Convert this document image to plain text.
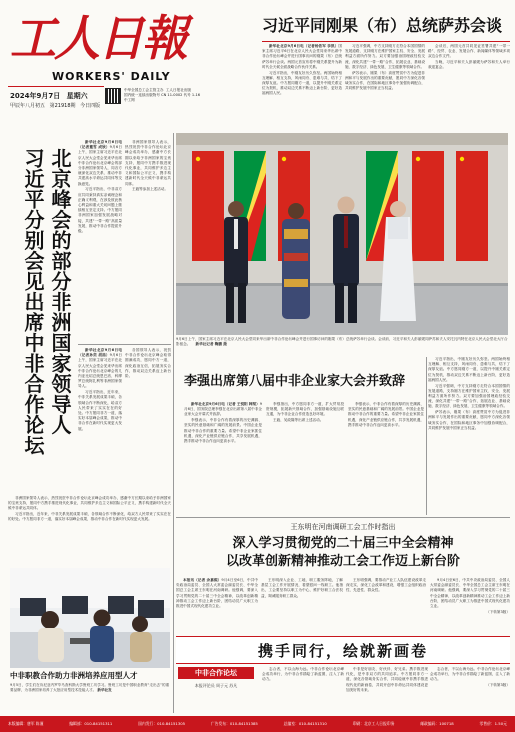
工人日報
WORKERS' DAILY
2024年9月7日 星期六
甲辰年八月初五 第21918期 今日四版
中华全国总工会主管主办 工人日报社出版
国内统一连续出版物号 CN 11-0002 代号 1-16
中工网
习近平同刚果（布）总统萨苏会谈

新华社北京9月6日电（记者杨依军 李凯）国家主席习近平6日在北京人民大会堂同来华出席中非合作论坛峰会并进行国事访问的刚果（布）总统萨苏举行会谈。两国元首宣布将中刚关系提升为新时代全天候全面战略合作伙伴关系。

习近平指出，中刚友好历久弥坚。两国始终相互理解、相互支持，风雨同舟、患难与共，结下了深厚友谊。中方愿同刚方一道，以提升中刚关系定位为契机，推动双边关系不断迈上新台阶，更好造福两国人民。

习近平强调，中方支持刚方走符合本国国情的发展道路，支持刚方在维护国家主权、安全、发展利益方面所作努力。双方要加强治国理政经验交流，深化共建“一带一路”合作，拓展农业、基础设施、数字经济、绿色发展、卫生健康等领域合作。

萨苏表示，刚果（布）高度赞赏中方为促进非洲和平与发展作出的重要贡献，愿同中方深化各领域务实合作，在国际和地区事务中加强协调配合，共同维护发展中国家正当权益。

会谈后，两国元首共同见证签署共建“一带一路”、经贸、农业、发展合作、新闻媒体等领域多项双边合作文件。

当晚，习近平和夫人彭丽媛为萨苏和夫人举行欢迎宴会。

北京峰会的部分非洲国家领导人
习近平分别会见出席中非合作论坛

新华社北京9月6日电（记者董雪 成欣）9月6日上午，国家主席习近平在北京人民大会堂会见来华出席中非合作论坛北京峰会的部分非洲国家领导人，同各方就深化双边关系、推动中非共建高水平命运共同体等交换意见。

习近平指出，中非双方应共同秉持真实亲诚理念和正确义利观，在涉及彼此核心利益和重大关切问题上继续相互坚定支持。中方愿同非洲国家加强发展战略对接，共建“一带一路”高质量发展，推动中非合作提质升级。

非洲国家领导人表示，热烈祝贺中非合作论坛北京峰会成功举办，感谢中方长期以来给予非洲国家的宝贵支持，愿同中方携手推进现代化事业，共同维护多边主义和国际公平正义，携手构建新时代全天候中非命运共同体。

王毅等参加上述活动。

新华社北京9月6日电（记者孙奕 胡喆）9月6日上午，国家主席习近平在北京人民大会堂会见来华出席中非合作论坛北京峰会的几内亚比绍总统恩巴洛、科摩罗总统阿扎利等非洲国家领导人。

习近平指出，近年来，中非关系发展成果丰硕，各领域合作不断深化，给双方人民带来了实实在在的好处。中方愿同非方一道，落实好本届峰会成果，推动中非合作在新时代实现更大发展。

各国领导人表示，祝贺中非合作论坛北京峰会取得圆满成功，愿同中方一道，深化政治互信，拓展务实合作，推动双边关系迈上新台阶。

非洲国家领导人表示，热烈祝贺中非合作论坛北京峰会成功举办，感谢中方长期以来给予非洲国家的宝贵支持，愿同中方携手推进现代化事业，共同维护多边主义和国际公平正义，携手构建新时代全天候中非命运共同体。

习近平指出，近年来，中非关系发展成果丰硕，各领域合作不断深化，给双方人民带来了实实在在的好处。中方愿同非方一道，落实好本届峰会成果，推动中非合作在新时代实现更大发展。

9月6日上午，国家主席习近平在北京人民大会堂同来华出席中非合作论坛峰会并进行国事访问的刚果（布）总统萨苏举行会谈。会谈前，习近平和夫人彭丽媛同萨苏和夫人安托瓦内特在北京人民大会堂北大厅合影留念。 新华社记者 鞠鹏 摄

习近平指出，中刚友好历久弥坚。两国始终相互理解、相互支持，风雨同舟、患难与共，结下了深厚友谊。中方愿同刚方一道，以提升中刚关系定位为契机，推动双边关系不断迈上新台阶，更好造福两国人民。

习近平强调，中方支持刚方走符合本国国情的发展道路，支持刚方在维护国家主权、安全、发展利益方面所作努力。双方要加强治国理政经验交流，深化共建“一带一路”合作，拓展农业、基础设施、数字经济、绿色发展、卫生健康等领域合作。

萨苏表示，刚果（布）高度赞赏中方为促进非洲和平与发展作出的重要贡献，愿同中方深化各领域务实合作，在国际和地区事务中加强协调配合，共同维护发展中国家正当权益。

李强出席第八届中非企业家大会并致辞

新华社北京9月6日电（记者 王悦阳 韩梁）9月6日，国务院总理李强在北京出席第八届中非企业家大会开幕式并致辞。

李强表示，中非合作有着深厚的历史渊源、坚实的民意基础和广阔的发展前景。中国企业是推动中非合作的重要力量。希望中非企业家抓住机遇，深化产业链供应链合作，共享发展机遇，携手推动中非合作迈向更高水平。

李强指出，中方愿同非方一道，扩大贸易投资规模，拓展新兴领域合作，加强基础设施互联互通，为中非企业合作营造良好环境。

王毅、吴政隆等出席上述活动。

李强表示，中非合作有着深厚的历史渊源、坚实的民意基础和广阔的发展前景。中国企业是推动中非合作的重要力量。希望中非企业家抓住机遇，深化产业链供应链合作，共享发展机遇，携手推动中非合作迈向更高水平。

中非职教合作助力非洲培养应用型人才
9月5日，学生们在肯尼亚内罗毕马查科斯大学鲁班工坊学习。鲁班工坊是中国职业教育“走出去”的重要品牌，为非洲国家培养了大批应用型技术技能人才。 新华社发
王东明在河南调研工会工作时指出
深入学习贯彻党的二十届三中全会精神
以改革创新精神推动工会工作迈上新台阶

本报讯（记者 余嘉熙）9月4日至6日，中共中央政治局委员、全国人大常委会副委员长、中华全国总工会主席王东明在河南调研。他强调，要深入学习贯彻党的二十届三中全会精神，以改革创新精神推动工会工作迈上新台阶，团结动员广大职工为推进中国式现代化建功立业。

王东明深入企业、工地、职工服务阵地，了解基层工会工作开展情况，看望慰问一线职工。他指出，工会要坚持以职工为中心，维护好职工合法权益，竭诚服务职工群众。

王东明强调，要推动产业工人队伍建设改革走深走实，深化工会改革和建设，增强工会组织政治性、先进性、群众性。

9月4日至6日，中共中央政治局委员、全国人大常委会副委员长、中华全国总工会主席王东明在河南调研。他强调，要深入学习贯彻党的二十届三中全会精神，以改革创新精神推动工会工作迈上新台阶，团结动员广大职工为推进中国式现代化建功立业。

（下转第3版）

携手同行，绘就新画卷
中非合作论坛
本报评论员 周子元 苏凡

志合者，不以山海为远。中非合作论坛北京峰会成功举行，为中非合作描绘了新蓝图，注入了新动力。

中非是好朋友、好伙伴、好兄弟。携手推进现代化，是中非双方的共同追求。中方愿同非方一道，深化各领域务实合作，共同绘就中非携手推进现代化的新画卷，共同开创中非命运共同体建设更加美好的未来。

志合者，不以山海为远。中非合作论坛北京峰会成功举行，为中非合作描绘了新蓝图，注入了新动力。

（下转第3版）

本版编辑：唐军 陈谨	编辑部：010-84151311	国内发行：010-84151305	广告发布：010-84151385	总编室：010-84151310	印刷：北京工人日报印务	邮政编码：100718	零售价：1.50元
